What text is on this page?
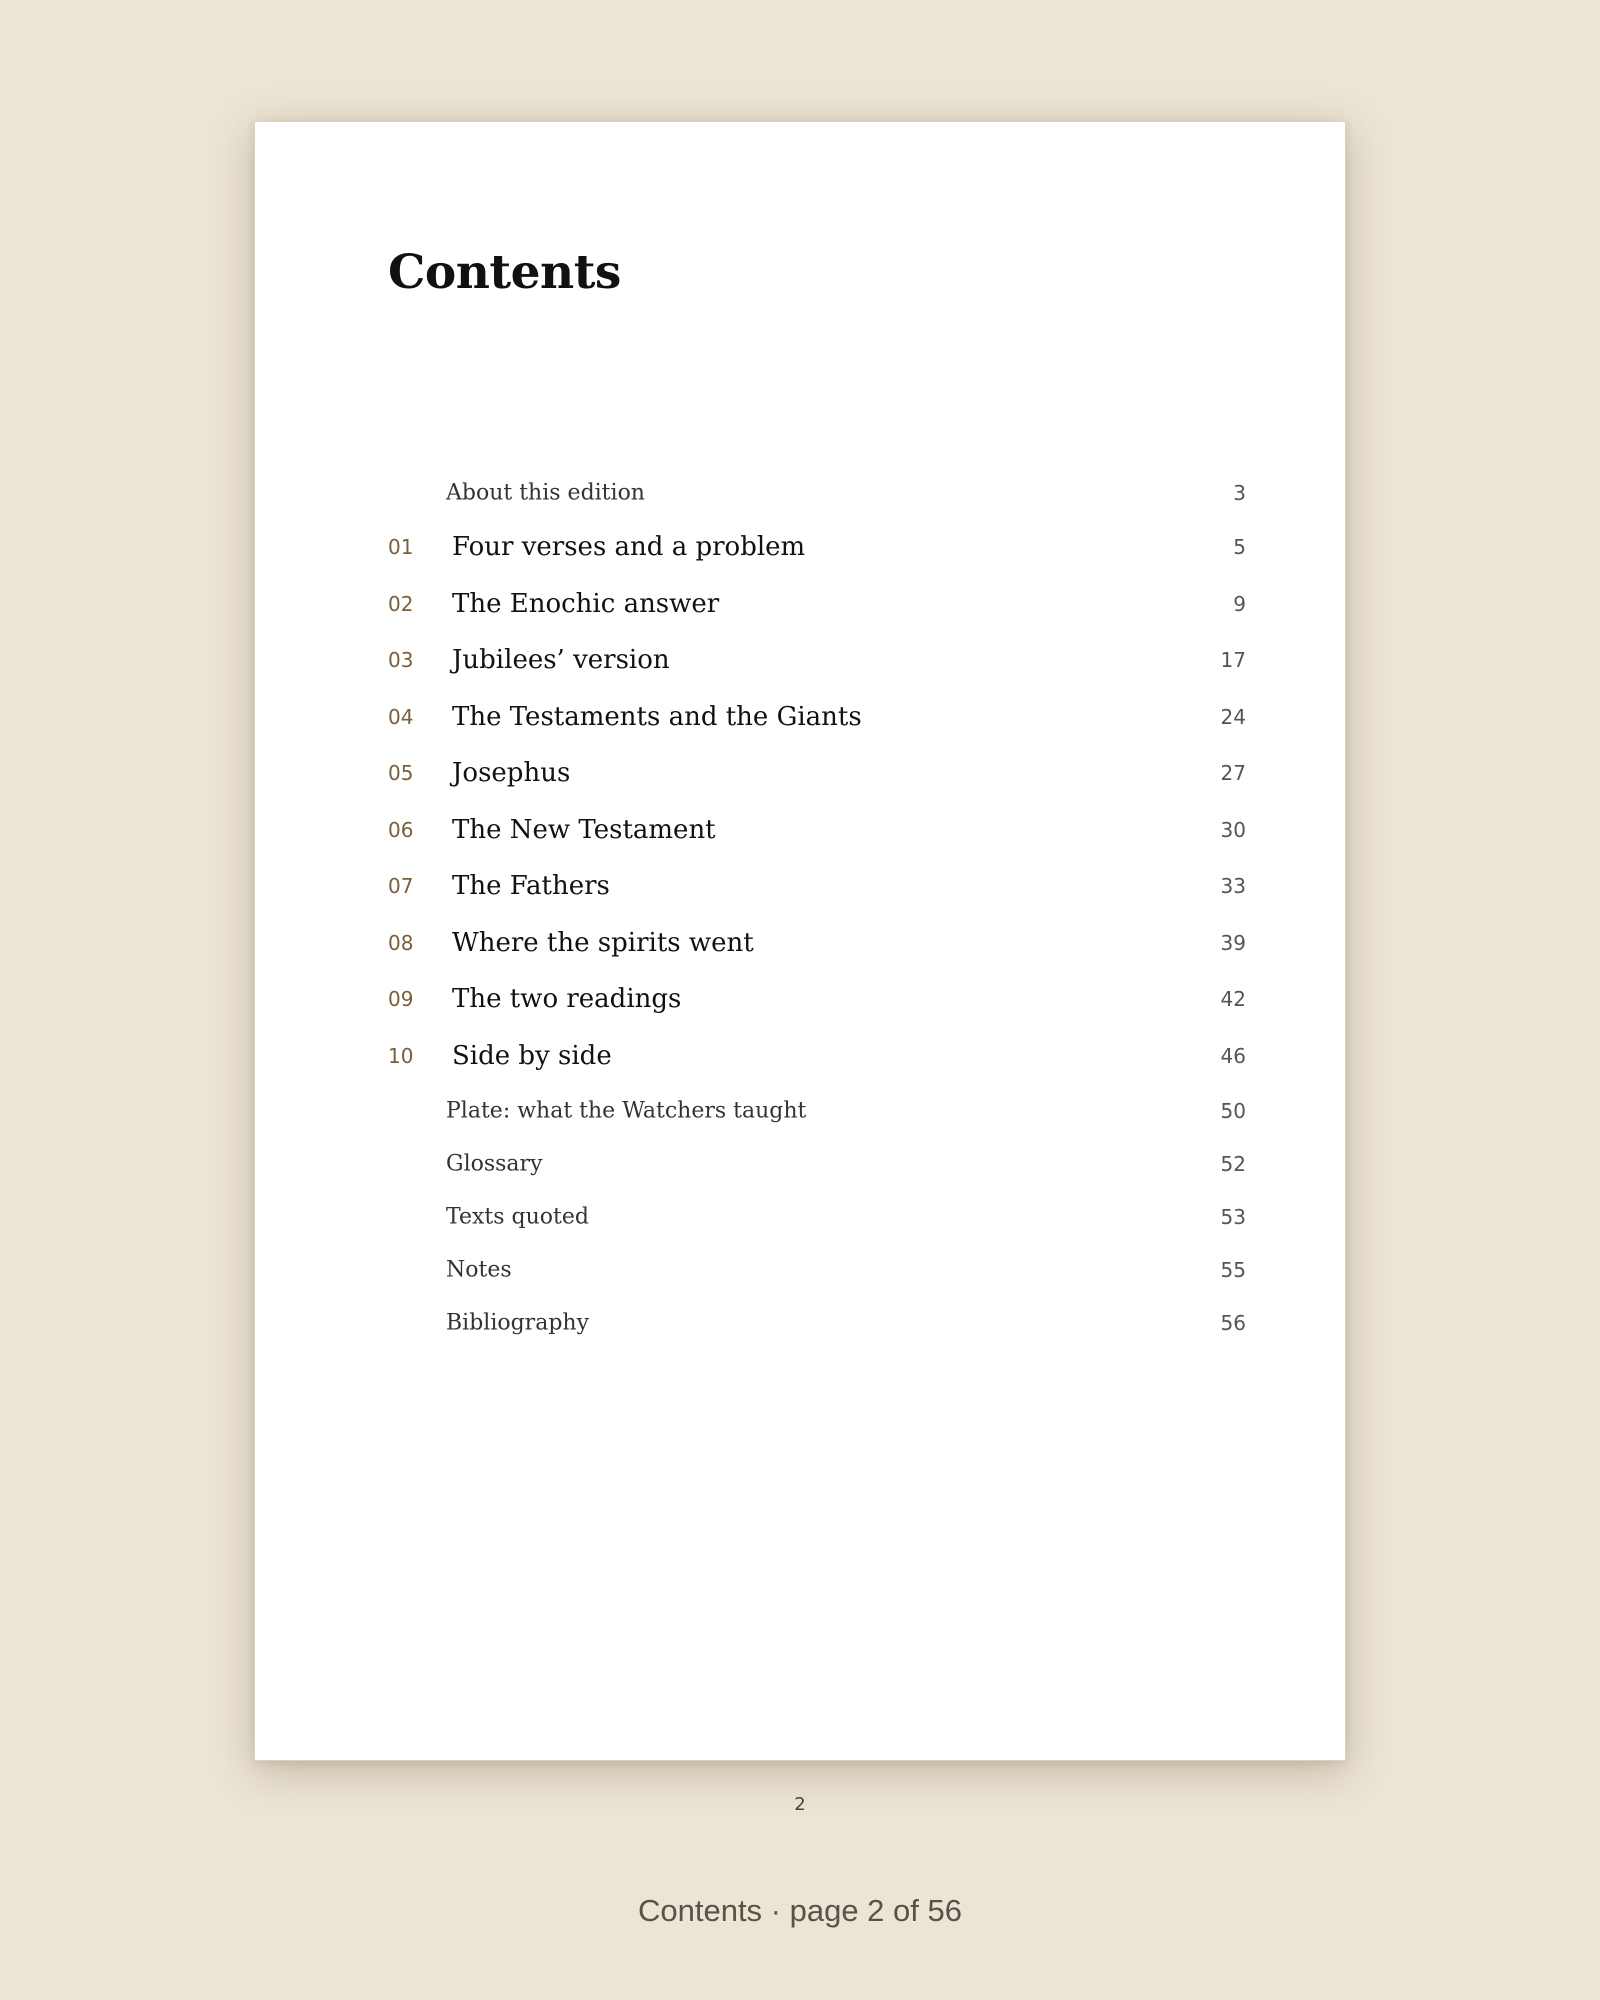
Contents
About this edition	3
01 Four verses and a problem	5
02 The Enochic answer	9
03 Jubilees’ version	17
04 The Testaments and the Giants	24
05 Josephus	27
06 The New Testament	30
07 The Fathers	33
08 Where the spirits went	39
09 The two readings	42
10 Side by side	46
Plate: what the Watchers taught	50
Glossary	52
Texts quoted	53
Notes	55
Bibliography	56
2
Contents · page 2 of 56
